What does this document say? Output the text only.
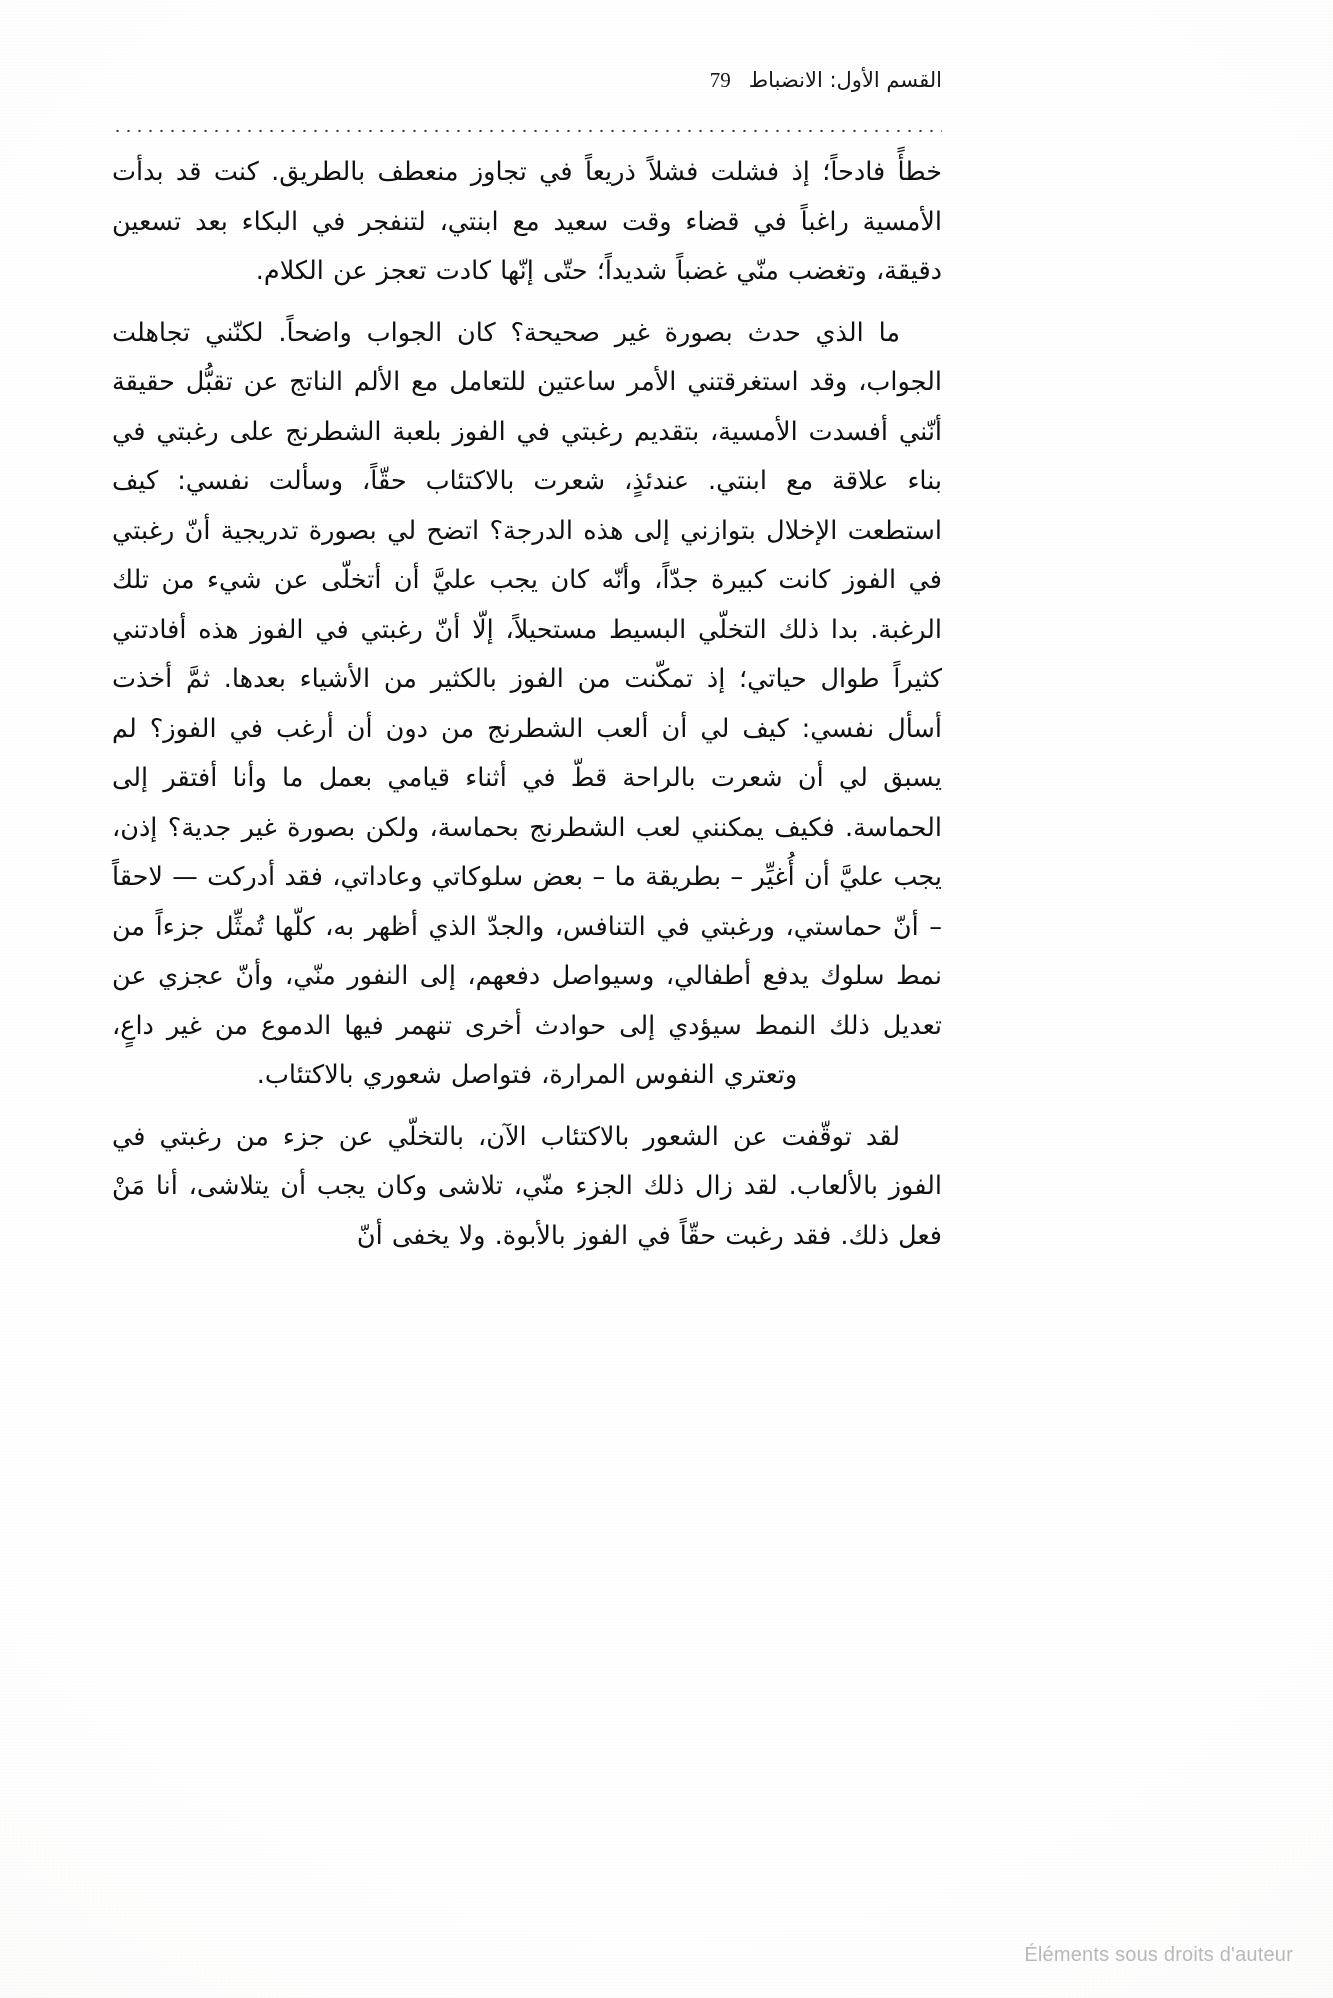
القسم الأول: الانضباط
79

خطأً فادحاً؛ إذ فشلت فشلاً ذريعاً في تجاوز منعطف بالطريق. كنت قد بدأت الأمسية راغباً في قضاء وقت سعيد مع ابنتي، لتنفجر في البكاء بعد تسعين دقيقة، وتغضب منّي غضباً شديداً؛ حتّى إنّها كادت تعجز عن الكلام.

ما الذي حدث بصورة غير صحيحة؟ كان الجواب واضحاً. لكنّني تجاهلت الجواب، وقد استغرقتني الأمر ساعتين للتعامل مع الألم الناتج عن تقبُّل حقيقة أنّني أفسدت الأمسية، بتقديم رغبتي في الفوز بلعبة الشطرنج على رغبتي في بناء علاقة مع ابنتي. عندئذٍ، شعرت بالاكتئاب حقّاً، وسألت نفسي: كيف استطعت الإخلال بتوازني إلى هذه الدرجة؟ اتضح لي بصورة تدريجية أنّ رغبتي في الفوز كانت كبيرة جدّاً، وأنّه كان يجب عليَّ أن أتخلّى عن شيء من تلك الرغبة. بدا ذلك التخلّي البسيط مستحيلاً، إلّا أنّ رغبتي في الفوز هذه أفادتني كثيراً طوال حياتي؛ إذ تمكّنت من الفوز بالكثير من الأشياء بعدها. ثمَّ أخذت أسأل نفسي: كيف لي أن ألعب الشطرنج من دون أن أرغب في الفوز؟ لم يسبق لي أن شعرت بالراحة قطّ في أثناء قيامي بعمل ما وأنا أفتقر إلى الحماسة. فكيف يمكنني لعب الشطرنج بحماسة، ولكن بصورة غير جدية؟ إذن، يجب عليَّ أن أُغيِّر – بطريقة ما – بعض سلوكاتي وعاداتي، فقد أدركت — لاحقاً – أنّ حماستي، ورغبتي في التنافس، والجدّ الذي أظهر به، كلّها تُمثِّل جزءاً من نمط سلوك يدفع أطفالي، وسيواصل دفعهم، إلى النفور منّي، وأنّ عجزي عن تعديل ذلك النمط سيؤدي إلى حوادث أخرى تنهمر فيها الدموع من غير داعٍ، وتعتري النفوس المرارة، فتواصل شعوري بالاكتئاب.

لقد توقّفت عن الشعور بالاكتئاب الآن، بالتخلّي عن جزء من رغبتي في الفوز بالألعاب. لقد زال ذلك الجزء منّي، تلاشى وكان يجب أن يتلاشى، أنا مَنْ فعل ذلك. فقد رغبت حقّاً في الفوز بالأبوة. ولا يخفى أنّ

Éléments sous droits d'auteur
